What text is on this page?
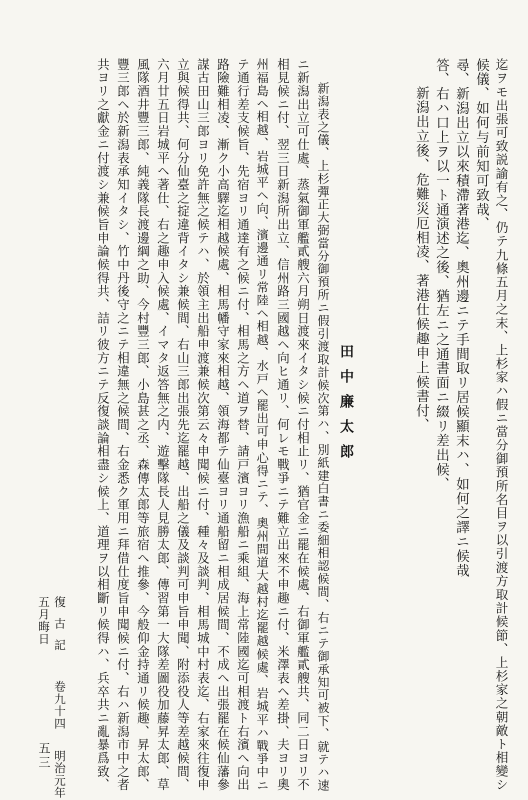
迄ヲモ出張可致説諭有之、仍テ九條五月之末、上杉家ハ假ニ當分御預所名目ヲ以引渡方取計候節、上杉家之朝敵ト相變シ

候儀、如何与前知可致哉、

尋、新潟出立以來積滯著港迄、奧州邊ニテ手間取リ居候顯末ハ、如何之譯ニ候哉

答、右ハ口上ヲ以一ト通演述之後、猶左ニ之通書面ニ綴リ差出候、

新潟出立後、危難災厄相凌、著港仕候趣申上候書付、

田中廉太郎

新潟表之儀、上杉彈正大弼當分御預所ニ假引渡取計候次第ハ、別紙建白書ニ委細相認候間、右ニテ御承知可被下、就テハ速

ニ新潟出立可仕處、蒸氣御軍艦貳艘六月朔日渡來イタシ候ニ付相止リ、猶官金ニ罷在候處、右御軍艦貳艘共、同二日ヨリ不

相見候ニ付、翌三日新潟所出立、信州路三國越ヘ向ヒ通リ、何レモ戰爭ニテ難立出來不申趣ニ付、米澤表ヘ差掛、夫ヨリ奧

州福島ヘ相越、岩城平ヘ向、濱邊通リ常陸ヘ相越、水戸ヘ罷出可申心得ニテ、奧州間道大越村迄罷越候處、岩城平ハ戰爭中ニ

テ通行差支候旨、先宿ヨリ通達有之候ニ付、相馬之方ヘ道ヲ替、請戸濱ヨリ漁船ニ乘組、海上常陸國迄可相渡ト右濱ヘ向出

路險難相凌、漸ク小高驛迄相越候處、相馬幡守家來相越、領海都テ仙臺ヨリ通船留ニ相成居候間、不成ヘ出張罷在候仙藩參

謀古田山三郎ヨリ免許無之候テハ、於領主出船申渡兼候次第云々申聞候ニ付、種々及談判、相馬城中村表迄、右家來往復申

立與候得共、何分仙臺之掟違背イタシ兼候間、右山三郎出張先迄罷越、出船之儀及談判可申旨申聞、附添役人等差越候間、

六月廿五日岩城平ヘ著仕、右之趣申入候處、イマタ返答無之内、遊擊隊長人見勝太郎、傳習第一大隊差圖役加藤昇太郎、草

風隊酒井豐三郎、純義隊長渡邊綱之助、今村豐三郎、小島甚之丞、森傳太郎等旅宿ヘ推參、今般仰金持通リ候趣、昇太郎、

豐三郎ヘ於新潟表承知イタシ、竹中丹後守之ニテ相違無之候間、右金悉ク軍用ニ拜借仕度旨申聞候ニ付、右ハ新潟市中之者

共ヨリ之獻金ニ付渡シ兼候旨申論候得共、詰リ彼方ニテ反復談論相盡シ候上、道理ヲ以相斷リ候得ハ、兵卒共ニ亂暴爲致、

復古記卷九十四明治元年五月晦日

五三
